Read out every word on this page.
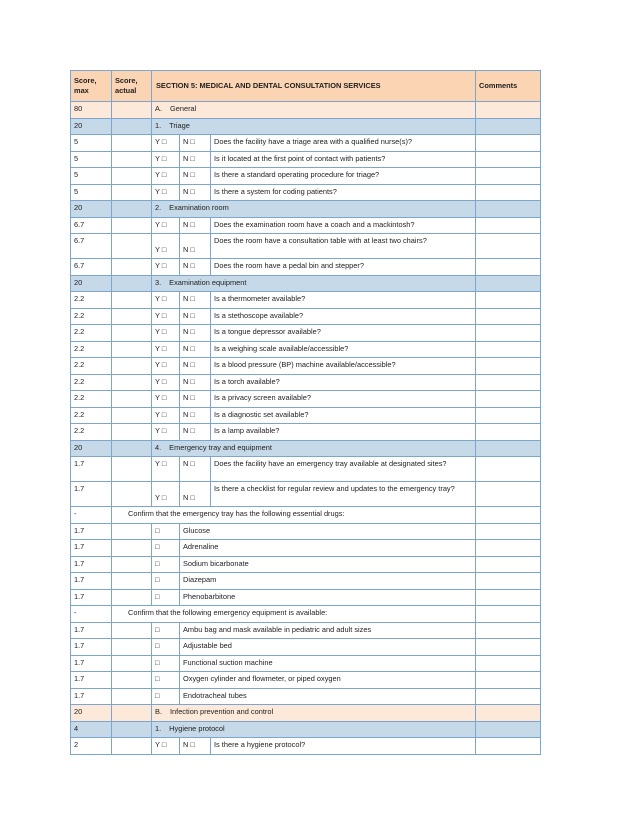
Score, max	Score, actual	SECTION 5: MEDICAL AND DENTAL CONSULTATION SERVICES			Comments
80		A. General			
20		1. Triage			
5		Y □	N □	Does the facility have a triage area with a qualified nurse(s)?	
5		Y □	N □	Is it located at the first point of contact with patients?	
5		Y □	N □	Is there a standard operating procedure for triage?	
5		Y □	N □	Is there a system for coding patients?	
20		2. Examination room			
6.7		Y □	N □	Does the examination room have a coach and a mackintosh?	
6.7		Y □	N □	Does the room have a consultation table with at least two chairs?	
6.7		Y □	N □	Does the room have a pedal bin and stepper?	
20		3. Examination equipment			
2.2		Y □	N □	Is a thermometer available?	
2.2		Y □	N □	Is a stethoscope available?	
2.2		Y □	N □	Is a tongue depressor available?	
2.2		Y □	N □	Is a weighing scale available/accessible?	
2.2		Y □	N □	Is a blood pressure (BP) machine available/accessible?	
2.2		Y □	N □	Is a torch available?	
2.2		Y □	N □	Is a privacy screen available?	
2.2		Y □	N □	Is a diagnostic set available?	
2.2		Y □	N □	Is a lamp available?	
20		4. Emergency tray and equipment			
1.7		Y □	N □	Does the facility have an emergency tray available at designated sites?	
1.7		Y □	N □	Is there a checklist for regular review and updates to the emergency tray?	
-	Confirm that the emergency tray has the following essential drugs:				
1.7		□	Glucose		
1.7		□	Adrenaline		
1.7		□	Sodium bicarbonate		
1.7		□	Diazepam		
1.7		□	Phenobarbitone		
-	Confirm that the following emergency equipment is available:				
1.7		□	Ambu bag and mask available in pediatric and adult sizes		
1.7		□	Adjustable bed		
1.7		□	Functional suction machine		
1.7		□	Oxygen cylinder and flowmeter, or piped oxygen		
1.7		□	Endotracheal tubes		
20		B. Infection prevention and control			
4		1. Hygiene protocol			
2		Y □	N □	Is there a hygiene protocol?	
